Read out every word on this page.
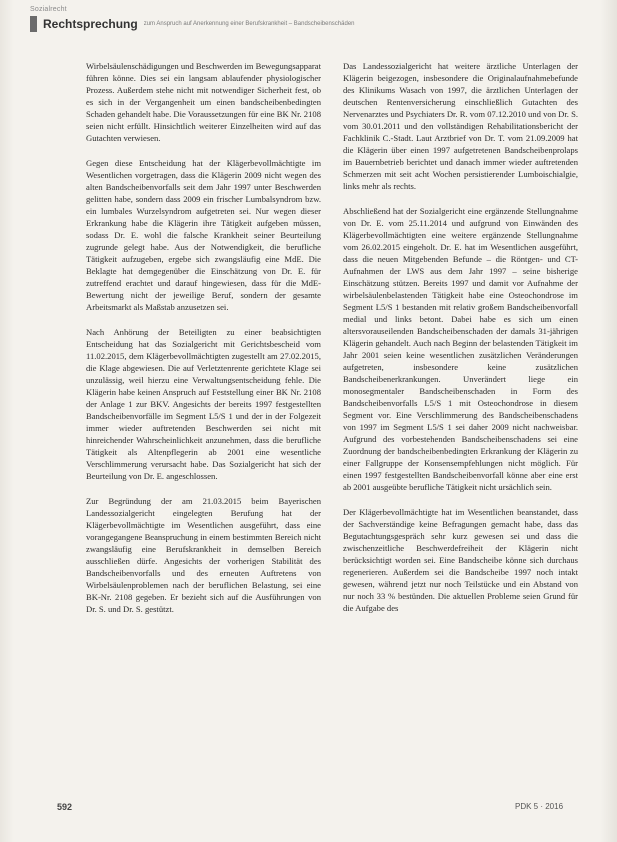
Sozialrecht
Rechtsprechung zum Anspruch auf Anerkennung einer Berufskrankheit – Bandscheibenschäden

Wirbelsäulenschädigungen und Beschwerden im Bewegungsapparat führen könne. Dies sei ein langsam ablaufender physiologischer Prozess. Außerdem stehe nicht mit notwendiger Sicherheit fest, ob es sich in der Vergangenheit um einen bandscheibenbedingten Schaden gehandelt habe. Die Voraussetzungen für eine BK Nr. 2108 seien nicht erfüllt. Hinsichtlich weiterer Einzelheiten wird auf das Gutachten verwiesen.

Gegen diese Entscheidung hat der Klägerbevollmächtigte im Wesentlichen vorgetragen, dass die Klägerin 2009 nicht wegen des alten Bandscheibenvorfalls seit dem Jahr 1997 unter Beschwerden gelitten habe, sondern dass 2009 ein frischer Lumbalsyndrom bzw. ein lumbales Wurzelsyndrom aufgetreten sei. Nur wegen dieser Erkrankung habe die Klägerin ihre Tätigkeit aufgeben müssen, sodass Dr. E. wohl die falsche Krankheit seiner Beurteilung zugrunde gelegt habe. Aus der Notwendigkeit, die berufliche Tätigkeit aufzugeben, ergebe sich zwangsläufig eine MdE. Die Beklagte hat demgegenüber die Einschätzung von Dr. E. für zutreffend erachtet und darauf hingewiesen, dass für die MdE-Bewertung nicht der jeweilige Beruf, sondern der gesamte Arbeitsmarkt als Maßstab anzusetzen sei.

Nach Anhörung der Beteiligten zu einer beabsichtigten Entscheidung hat das Sozialgericht mit Gerichtsbescheid vom 11.02.2015, dem Klägerbevollmächtigten zugestellt am 27.02.2015, die Klage abgewiesen. Die auf Verletztenrente gerichtete Klage sei unzulässig, weil hierzu eine Verwaltungsentscheidung fehle. Die Klägerin habe keinen Anspruch auf Feststellung einer BK Nr. 2108 der Anlage 1 zur BKV. Angesichts der bereits 1997 festgestellten Bandscheibenvorfälle im Segment L5/S 1 und der in der Folgezeit immer wieder auftretenden Beschwerden sei nicht mit hinreichender Wahrscheinlichkeit anzunehmen, dass die berufliche Tätigkeit als Altenpflegerin ab 2001 eine wesentliche Verschlimmerung verursacht habe. Das Sozialgericht hat sich der Beurteilung von Dr. E. angeschlossen.

Zur Begründung der am 21.03.2015 beim Bayerischen Landessozialgericht eingelegten Berufung hat der Klägerbevollmächtigte im Wesentlichen ausgeführt, dass eine vorangegangene Beanspruchung in einem bestimmten Bereich nicht zwangsläufig eine Berufskrankheit in demselben Bereich ausschließen dürfe. Angesichts der vorherigen Stabilität des Bandscheibenvorfalls und des erneuten Auftretens von Wirbelsäulenproblemen nach der beruflichen Belastung, sei eine BK-Nr. 2108 gegeben. Er bezieht sich auf die Ausführungen von Dr. S. und Dr. S. gestützt.

Das Landessozialgericht hat weitere ärztliche Unterlagen der Klägerin beigezogen, insbesondere die Originalaufnahmebefunde des Klinikums Wasach von 1997, die ärztlichen Unterlagen der deutschen Rentenversicherung einschließlich Gutachten des Nervenarztes und Psychiaters Dr. R. vom 07.12.2010 und von Dr. S. vom 30.01.2011 und den vollständigen Rehabilitationsbericht der Fachklinik C.-Stadt. Laut Arztbrief von Dr. T. vom 21.09.2009 hat die Klägerin über einen 1997 aufgetretenen Bandscheibenprolaps im Bauernbetrieb berichtet und danach immer wieder auftretenden Schmerzen mit seit acht Wochen persistierender Lumboischialgie, links mehr als rechts.

Abschließend hat der Sozialgericht eine ergänzende Stellungnahme von Dr. E. vom 25.11.2014 und aufgrund von Einwänden des Klägerbevollmächtigten eine weitere ergänzende Stellungnahme vom 26.02.2015 eingeholt. Dr. E. hat im Wesentlichen ausgeführt, dass die neuen Mitgebenden Befunde – die Röntgen- und CT-Aufnahmen der LWS aus dem Jahr 1997 – seine bisherige Einschätzung stützen. Bereits 1997 und damit vor Aufnahme der wirbelsäulenbelastenden Tätigkeit habe eine Osteochondrose im Segment L5/S 1 bestanden mit relativ großem Bandscheibenvorfall medial und links betont. Dabei habe es sich um einen altersvorauseilenden Bandscheibenschaden der damals 31-jährigen Klägerin gehandelt. Auch nach Beginn der belastenden Tätigkeit im Jahr 2001 seien keine wesentlichen zusätzlichen Veränderungen aufgetreten, insbesondere keine zusätzlichen Bandscheibenerkrankungen. Unverändert liege ein monosegmentaler Bandscheibenschaden in Form des Bandscheibenvorfalls L5/S 1 mit Osteochondrose in diesem Segment vor. Eine Verschlimmerung des Bandscheibenschadens von 1997 im Segment L5/S 1 sei daher 2009 nicht nachweisbar. Aufgrund des vorbestehenden Bandscheibenschadens sei eine Zuordnung der bandscheibenbedingten Erkrankung der Klägerin zu einer Fallgruppe der Konsensempfehlungen nicht möglich. Für einen 1997 festgestellten Bandscheibenvorfall könne aber eine erst ab 2001 ausgeübte berufliche Tätigkeit nicht ursächlich sein.

Der Klägerbevollmächtigte hat im Wesentlichen beanstandet, dass der Sachverständige keine Befragungen gemacht habe, dass das Begutachtungsgespräch sehr kurz gewesen sei und dass die zwischenzeitliche Beschwerdefreiheit der Klägerin nicht berücksichtigt worden sei. Eine Bandscheibe könne sich durchaus regenerieren. Außerdem sei die Bandscheibe 1997 noch intakt gewesen, während jetzt nur noch Teilstücke und ein Abstand von nur noch 33 % bestünden. Die aktuellen Probleme seien Grund für die Aufgabe des

592	PDK 5 · 2016
